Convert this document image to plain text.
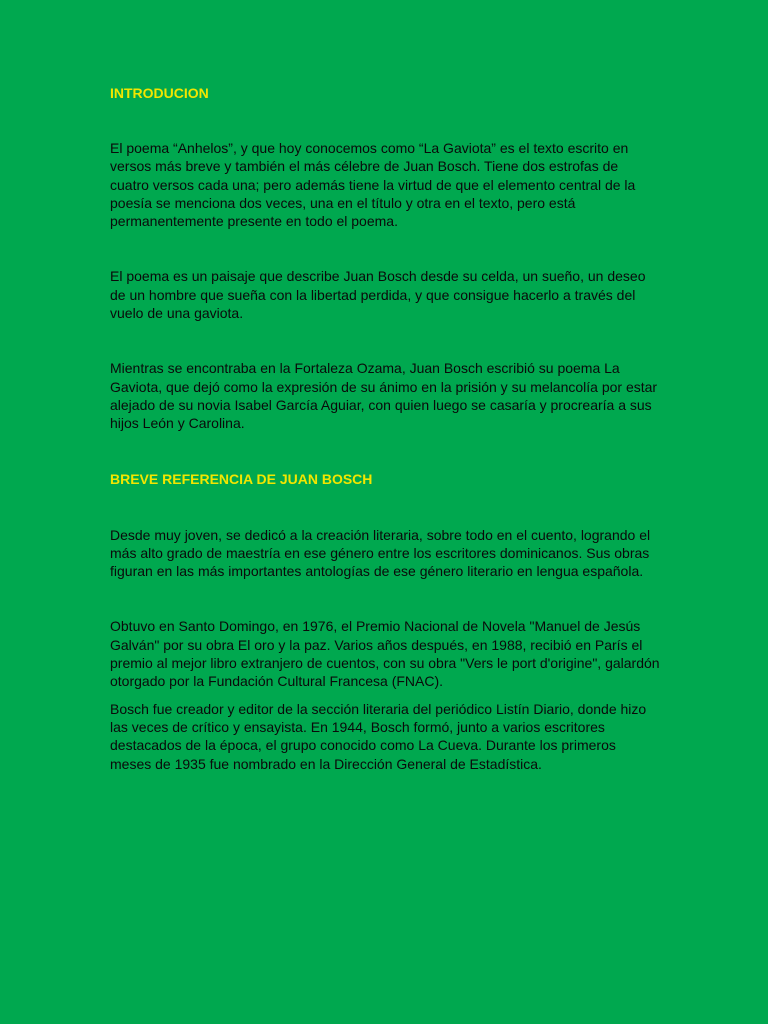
INTRODUCION

El poema “Anhelos”, y que hoy conocemos como “La Gaviota” es el texto escrito en versos más breve y también el más célebre de Juan Bosch. Tiene dos estrofas de cuatro versos cada una; pero además tiene la virtud de que el elemento central de la poesía se menciona dos veces, una en el título y otra en el texto, pero está permanentemente presente en todo el poema.

El poema es un paisaje que describe Juan Bosch desde su celda, un sueño, un deseo de un hombre que sueña con la libertad perdida, y que consigue hacerlo a través del vuelo de una gaviota.

Mientras se encontraba en la Fortaleza Ozama, Juan Bosch escribió su poema La Gaviota, que dejó como la expresión de su ánimo en la prisión y su melancolía por estar alejado de su novia Isabel García Aguiar, con quien luego se casaría y procrearía a sus hijos León y Carolina.

BREVE REFERENCIA DE JUAN BOSCH

Desde muy joven, se dedicó a la creación literaria, sobre todo en el cuento, logrando el más alto grado de maestría en ese género entre los escritores dominicanos. Sus obras figuran en las más importantes antologías de ese género literario en lengua española.

Obtuvo en Santo Domingo, en 1976, el Premio Nacional de Novela "Manuel de Jesús Galván" por su obra El oro y la paz. Varios años después, en 1988, recibió en París el premio al mejor libro extranjero de cuentos, con su obra "Vers le port d'origine", galardón otorgado por la Fundación Cultural Francesa (FNAC).

Bosch fue creador y editor de la sección literaria del periódico Listín Diario, donde hizo las veces de crítico y ensayista. En 1944, Bosch formó, junto a varios escritores destacados de la época, el grupo conocido como La Cueva. Durante los primeros meses de 1935 fue nombrado en la Dirección General de Estadística.
